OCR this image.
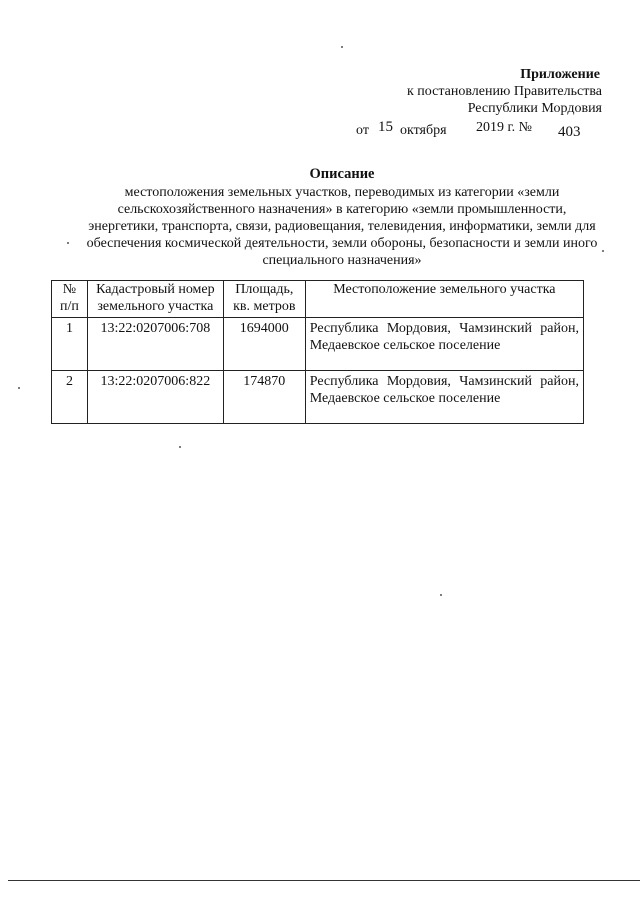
Приложение
к постановлению Правительства
Республики Мордовия
от 15 октября 2019 г. № 403
Описание
местоположения земельных участков, переводимых из категории «земли сельскохозяйственного назначения» в категорию «земли промышленности, энергетики, транспорта, связи, радиовещания, телевидения, информатики, земли для обеспечения космической деятельности, земли обороны, безопасности и земли иного специального назначения»
№ п/п	Кадастровый номер земельного участка	Площадь, кв. метров	Местоположение земельного участка
1	13:22:0207006:708	1694000	Республика Мордовия, Чамзинский район, Медаевское сельское поселение
2	13:22:0207006:822	174870	Республика Мордовия, Чамзинский район, Медаевское сельское поселение
